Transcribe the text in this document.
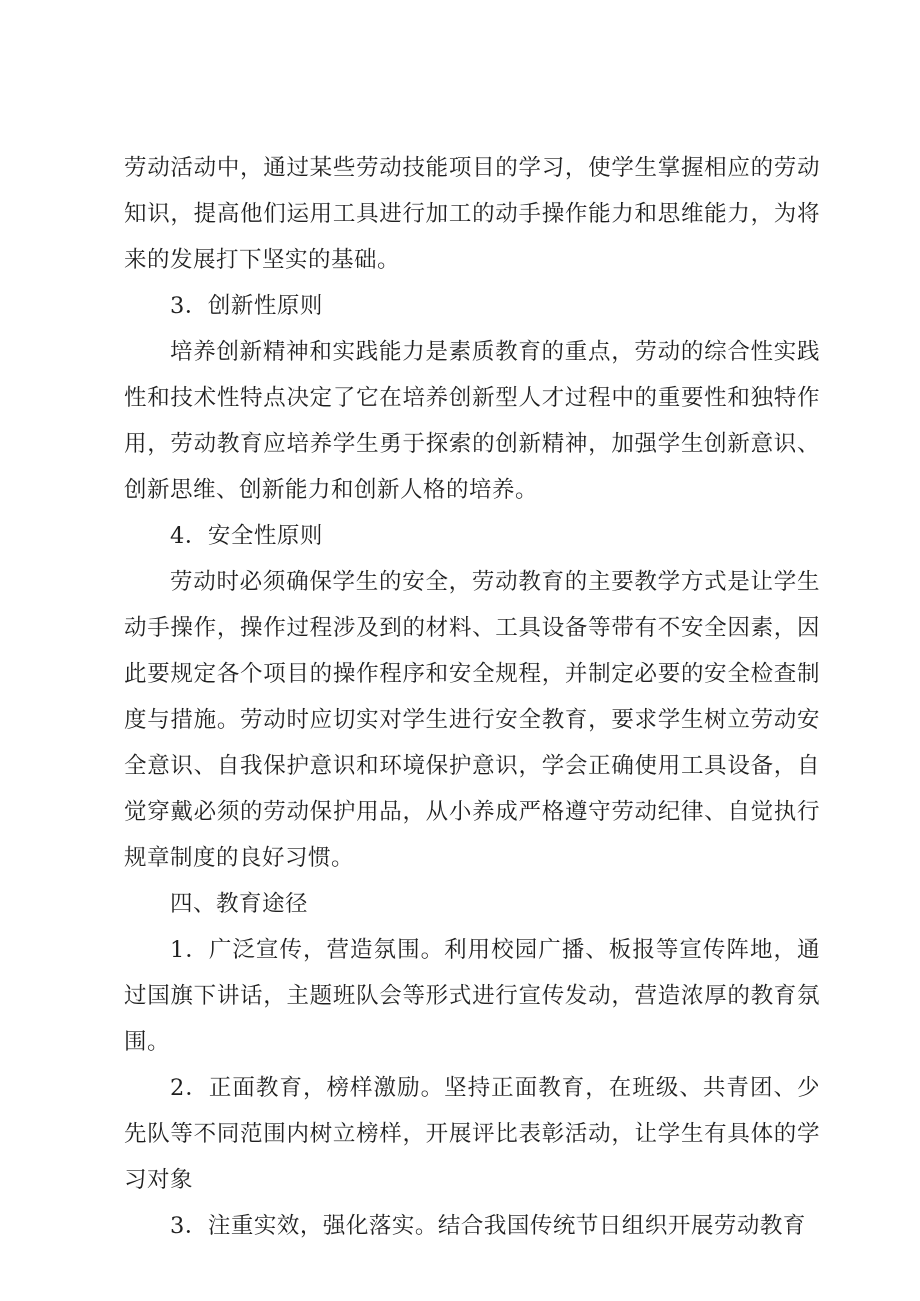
劳动活动中，通过某些劳动技能项目的学习，使学生掌握相应的劳动知识，提高他们运用工具进行加工的动手操作能力和思维能力，为将来的发展打下坚实的基础。

3．创新性原则

培养创新精神和实践能力是素质教育的重点，劳动的综合性实践性和技术性特点决定了它在培养创新型人才过程中的重要性和独特作用，劳动教育应培养学生勇于探索的创新精神，加强学生创新意识、创新思维、创新能力和创新人格的培养。

4．安全性原则

劳动时必须确保学生的安全，劳动教育的主要教学方式是让学生动手操作，操作过程涉及到的材料、工具设备等带有不安全因素，因此要规定各个项目的操作程序和安全规程，并制定必要的安全检查制度与措施。劳动时应切实对学生进行安全教育，要求学生树立劳动安全意识、自我保护意识和环境保护意识，学会正确使用工具设备，自觉穿戴必须的劳动保护用品，从小养成严格遵守劳动纪律、自觉执行规章制度的良好习惯。

四、教育途径

1．广泛宣传，营造氛围。利用校园广播、板报等宣传阵地，通过国旗下讲话，主题班队会等形式进行宣传发动，营造浓厚的教育氛围。

2．正面教育，榜样激励。坚持正面教育，在班级、共青团、少先队等不同范围内树立榜样，开展评比表彰活动，让学生有具体的学习对象

3．注重实效，强化落实。结合我国传统节日组织开展劳动教育
